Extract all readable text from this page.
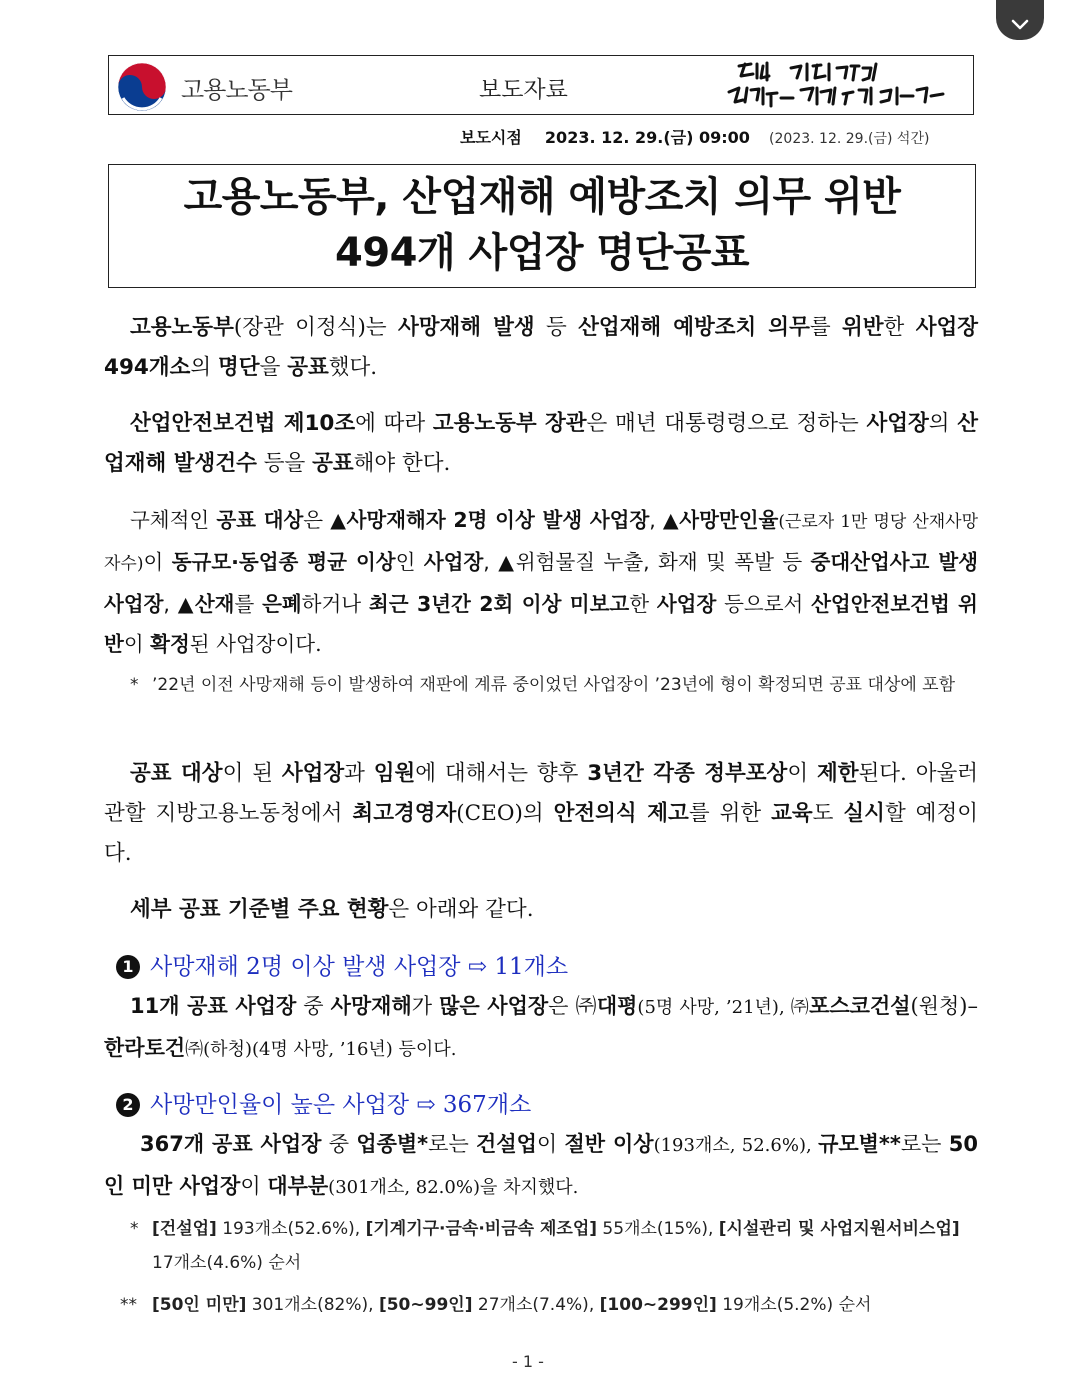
고용노동부	보도자료
보도시점 2023. 12. 29.(금) 09:00 (2023. 12. 29.(금) 석간)
고용노동부, 산업재해 예방조치 의무 위반
494개 사업장 명단공표
고용노동부(장관 이정식)는 사망재해 발생 등 산업재해 예방조치 의무를 위반한 사업장 494개소의 명단을 공표했다.
산업안전보건법 제10조에 따라 고용노동부 장관은 매년 대통령령으로 정하는 사업장의 산업재해 발생건수 등을 공표해야 한다.
구체적인 공표 대상은 ▲사망재해자 2명 이상 발생 사업장, ▲사망만인율(근로자 1만 명당 산재사망자수)이 동규모·동업종 평균 이상인 사업장, ▲위험물질 누출, 화재 및 폭발 등 중대산업사고 발생 사업장, ▲산재를 은폐하거나 최근 3년간 2회 이상 미보고한 사업장 등으로서 산업안전보건법 위반이 확정된 사업장이다.
* ’22년 이전 사망재해 등이 발생하여 재판에 계류 중이었던 사업장이 ’23년에 형이 확정되면 공표 대상에 포함
공표 대상이 된 사업장과 임원에 대해서는 향후 3년간 각종 정부포상이 제한된다. 아울러 관할 지방고용노동청에서 최고경영자(CEO)의 안전의식 제고를 위한 교육도 실시할 예정이다.
세부 공표 기준별 주요 현황은 아래와 같다.
1 사망재해 2명 이상 발생 사업장 ⇨ 11개소
11개 공표 사업장 중 사망재해가 많은 사업장은 ㈜대평(5명 사망, ’21년), ㈜포스코건설(원청)–한라토건㈜(하청)(4명 사망, ’16년) 등이다.
2 사망만인율이 높은 사업장 ⇨ 367개소
367개 공표 사업장 중 업종별*로는 건설업이 절반 이상(193개소, 52.6%), 규모별**로는 50인 미만 사업장이 대부분(301개소, 82.0%)을 차지했다.
* [건설업] 193개소(52.6%), [기계기구·금속·비금속 제조업] 55개소(15%), [시설관리 및 사업지원서비스업] 17개소(4.6%) 순서
** [50인 미만] 301개소(82%), [50~99인] 27개소(7.4%), [100~299인] 19개소(5.2%) 순서
- 1 -
